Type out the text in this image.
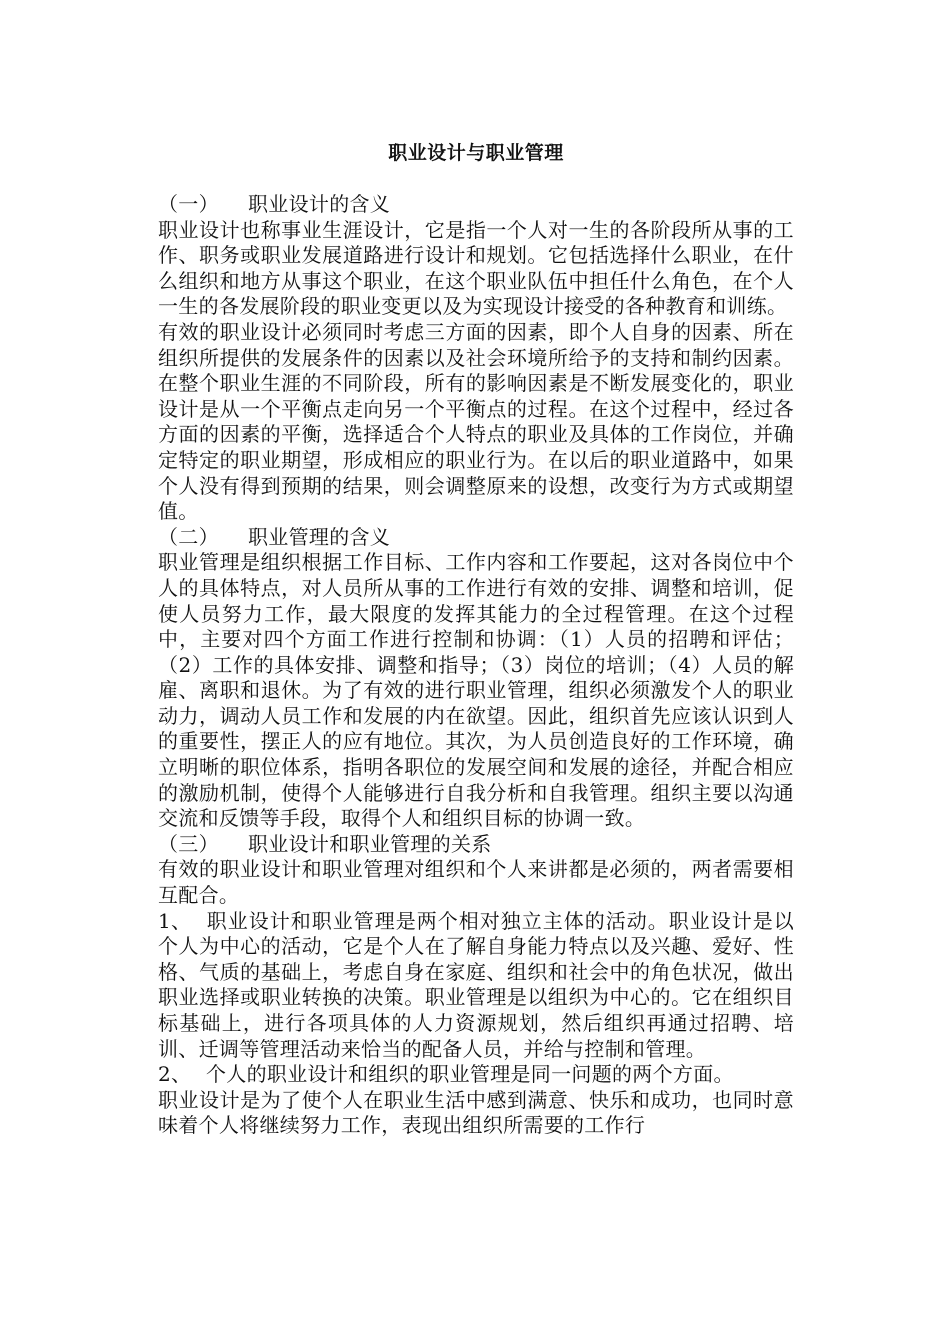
职业设计与职业管理
（一） 职业设计的含义

职业设计也称事业生涯设计，它是指一个人对一生的各阶段所从事的工作、职务或职业发展道路进行设计和规划。它包括选择什么职业，在什么组织和地方从事这个职业，在这个职业队伍中担任什么角色，在个人一生的各发展阶段的职业变更以及为实现设计接受的各种教育和训练。

有效的职业设计必须同时考虑三方面的因素，即个人自身的因素、所在组织所提供的发展条件的因素以及社会环境所给予的支持和制约因素。在整个职业生涯的不同阶段，所有的影响因素是不断发展变化的，职业设计是从一个平衡点走向另一个平衡点的过程。在这个过程中，经过各方面的因素的平衡，选择适合个人特点的职业及具体的工作岗位，并确定特定的职业期望，形成相应的职业行为。在以后的职业道路中，如果个人没有得到预期的结果，则会调整原来的设想，改变行为方式或期望值。

（二） 职业管理的含义

职业管理是组织根据工作目标、工作内容和工作要起，这对各岗位中个人的具体特点，对人员所从事的工作进行有效的安排、调整和培训，促使人员努力工作，最大限度的发挥其能力的全过程管理。在这个过程中，主要对四个方面工作进行控制和协调：（1）人员的招聘和评估；（2）工作的具体安排、调整和指导；（3）岗位的培训；（4）人员的解雇、离职和退休。为了有效的进行职业管理，组织必须激发个人的职业动力，调动人员工作和发展的内在欲望。因此，组织首先应该认识到人的重要性，摆正人的应有地位。其次，为人员创造良好的工作环境，确立明晰的职位体系，指明各职位的发展空间和发展的途径，并配合相应的激励机制，使得个人能够进行自我分析和自我管理。组织主要以沟通交流和反馈等手段，取得个人和组织目标的协调一致。

（三） 职业设计和职业管理的关系

有效的职业设计和职业管理对组织和个人来讲都是必须的，两者需要相互配合。

1、 职业设计和职业管理是两个相对独立主体的活动。职业设计是以个人为中心的活动，它是个人在了解自身能力特点以及兴趣、爱好、性格、气质的基础上，考虑自身在家庭、组织和社会中的角色状况，做出职业选择或职业转换的决策。职业管理是以组织为中心的。它在组织目标基础上，进行各项具体的人力资源规划，然后组织再通过招聘、培训、迁调等管理活动来恰当的配备人员，并给与控制和管理。

2、 个人的职业设计和组织的职业管理是同一问题的两个方面。

职业设计是为了使个人在职业生活中感到满意、快乐和成功，也同时意味着个人将继续努力工作，表现出组织所需要的工作行
